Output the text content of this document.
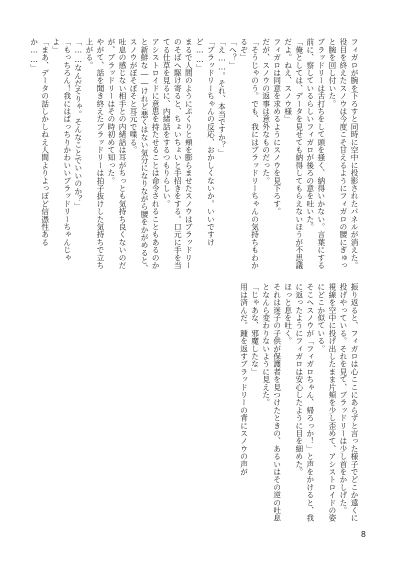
フィガロが腕を下ろすと同時に空中に投影されたパネルが消えた。役目を終えたスノウは今度こそ甘えるようにフィガロの腰にぎゅっと腕を回し付いた。
ブラッドリーは舌打ちをして頭を掻く、納得いかない。言葉にする前に、察しているらしいフィガロが後ろの意を吐いた。
「俺としては、データを見せても納得してもらえないほうが不思議だよ。ねえ、スノウ様」
フィガロは同意を求めるようにスノウを見下ろす。
だが、スノウの返事は意外なものだった。
「そうじゃのう。でも、我にはブラッドリーちゃんの気持ちもわかるぞ」
「へ？」
「え……。それ、本当ですか？」
「ブラッドリーちゃんの反応、おかしくないか。いいですけど……」
まるで人間のようにぷくりと頬を膨らませたスノウはブラッドリーのそばへ駆け寄ると、ちょいちょいと手招きをする。口元に手を当てる仕草を見るに、内緒話をするつもりらしい。
アシストロイドに意思を持たせることは命令されることもあるのかと新鮮な――けれど悪くはない気分になりながら腰をかがめると、スノウがぼそぼそと耳元で喋る。
吐息の感じない相手との内緒話は耳がちっとも気持ち良くないのだが、ブラッドリーはその時初めて知った。
やがて、話を聞き終えたブラッドリーは拍子抜けした気持ちで立ち上がる。
「……なんだそりゃ。そんなことでいいのか？」
「もっちろん！我にはぱっちりかわいいブラッドリーちゃんじゃよ」
「まあ、データの話しかしねえ人間よりよっぽど信憑性あるか……」
振り返ると、フィガロは心ここにあらずと言った様子でどこか遠くに投げやっている。それを見て、ブラッドリーは少し首をかしげた。
視線を空中に投げ出したまま片頬を少し歪めて、アシストロイドの姿にどこか似ている。
そこへスノウが「フィガロちゃん、帰ろっか！」と声をかけると、我に返ったようにフィガロは安心したように目を細めた。
ほっと息を吐く。
それは迷子の子供が保護者を見つけたときの、あるいはその逆の吐息となんら変わりないように見えた。
「じゃあな、邪魔したな」
用は済んだ。踵を返すブラッドリーの背にスノウの声が
8
